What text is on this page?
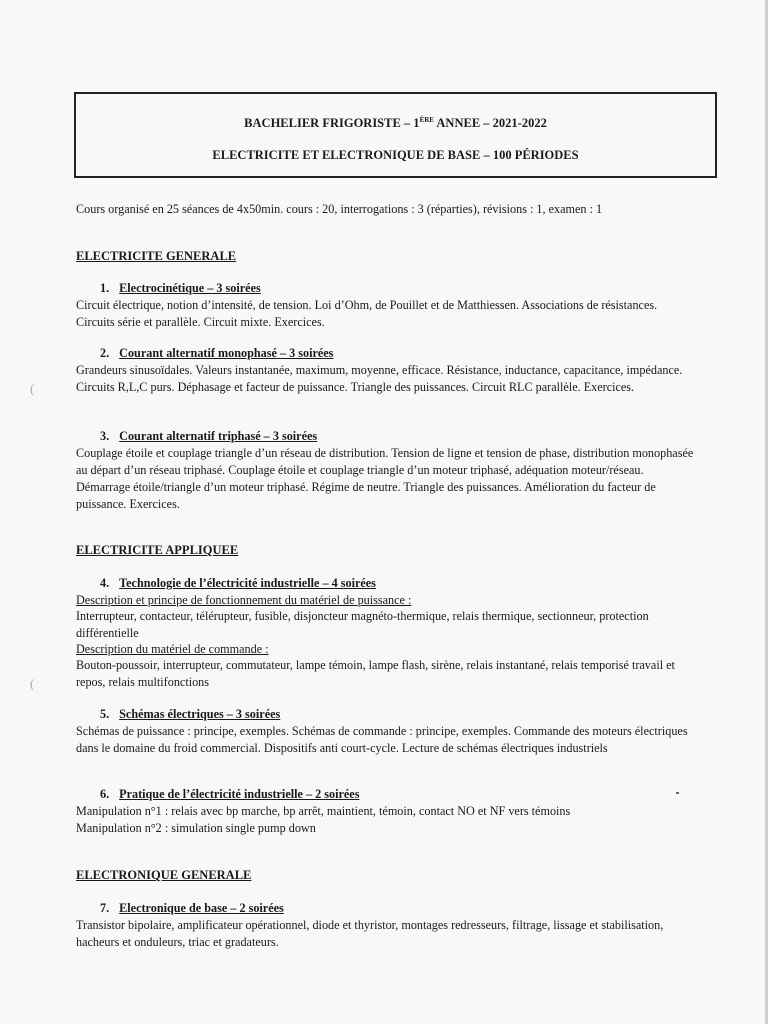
BACHELIER FRIGORISTE – 1ÈRE ANNEE – 2021-2022
ELECTRICITE ET ELECTRONIQUE DE BASE – 100 PÉRIODES

Cours organisé en 25 séances de 4x50min. cours : 20, interrogations : 3 (réparties), révisions : 1, examen : 1

ELECTRICITE GENERALE
1. Electrocinétique – 3 soirées

Circuit électrique, notion d’intensité, de tension. Loi d’Ohm, de Pouillet et de Matthiessen. Associations de résistances. Circuits série et parallèle. Circuit mixte. Exercices.

2. Courant alternatif monophasé – 3 soirées

Grandeurs sinusoïdales. Valeurs instantanée, maximum, moyenne, efficace. Résistance, inductance, capacitance, impédance. Circuits R,L,C purs. Déphasage et facteur de puissance. Triangle des puissances. Circuit RLC parallèle. Exercices.

3. Courant alternatif triphasé – 3 soirées

Couplage étoile et couplage triangle d’un réseau de distribution. Tension de ligne et tension de phase, distribution monophasée au départ d’un réseau triphasé. Couplage étoile et couplage triangle d’un moteur triphasé, adéquation moteur/réseau. Démarrage étoile/triangle d’un moteur triphasé. Régime de neutre. Triangle des puissances. Amélioration du facteur de puissance. Exercices.

ELECTRICITE APPLIQUEE
4. Technologie de l’électricité industrielle – 4 soirées

Description et principe de fonctionnement du matériel de puissance :

Interrupteur, contacteur, télérupteur, fusible, disjoncteur magnéto-thermique, relais thermique, sectionneur, protection différentielle

Description du matériel de commande :

Bouton-poussoir, interrupteur, commutateur, lampe témoin, lampe flash, sirène, relais instantané, relais temporisé travail et repos, relais multifonctions

5. Schémas électriques – 3 soirées

Schémas de puissance : principe, exemples. Schémas de commande : principe, exemples. Commande des moteurs électriques dans le domaine du froid commercial. Dispositifs anti court-cycle. Lecture de schémas électriques industriels

6. Pratique de l’électricité industrielle – 2 soirées

Manipulation n°1 : relais avec bp marche, bp arrêt, maintient, témoin, contact NO et NF vers témoins

Manipulation n°2 : simulation single pump down

ELECTRONIQUE GENERALE
7. Electronique de base – 2 soirées

Transistor bipolaire, amplificateur opérationnel, diode et thyristor, montages redresseurs, filtrage, lissage et stabilisation, hacheurs et onduleurs, triac et gradateurs.

(
(
